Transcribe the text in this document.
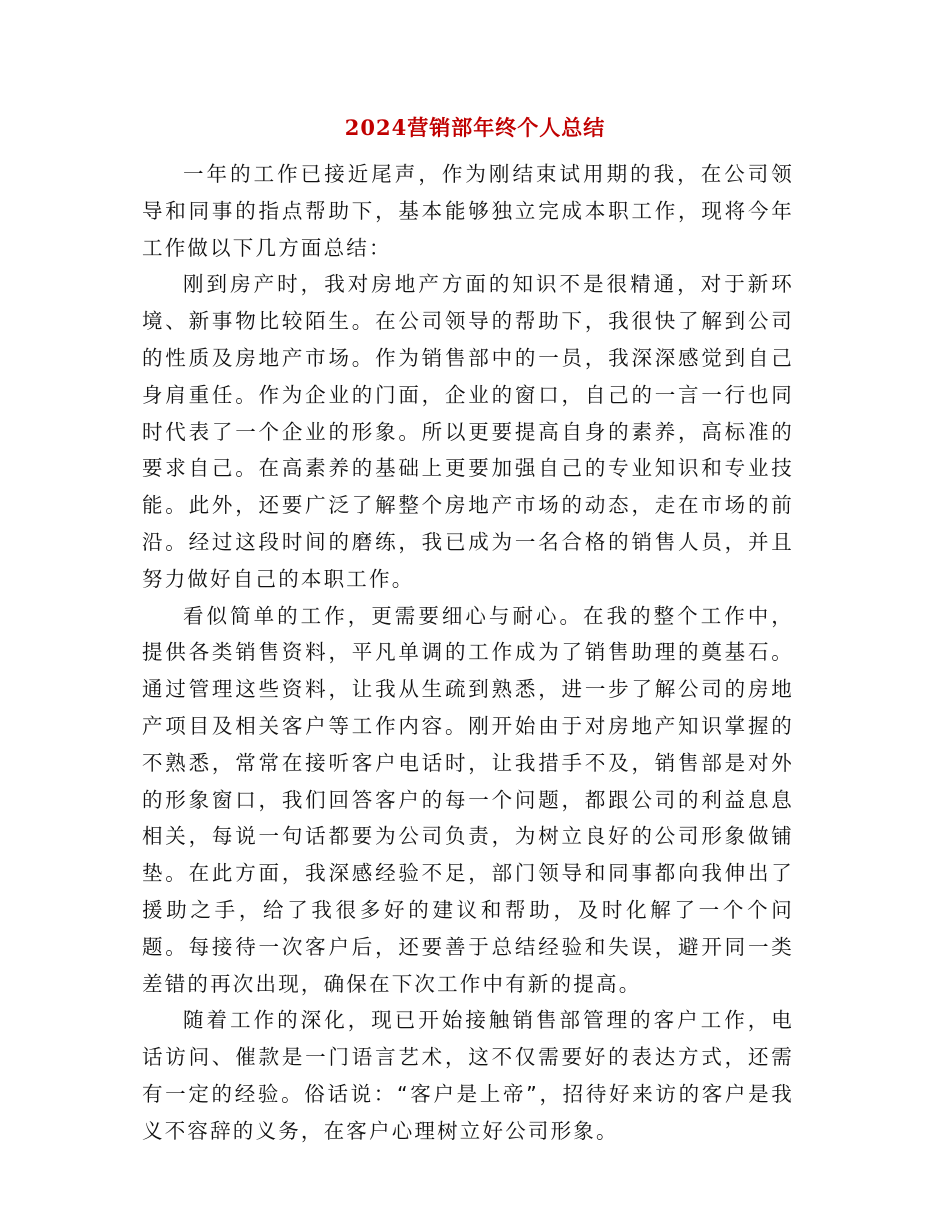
2024营销部年终个人总结

一年的工作已接近尾声，作为刚结束试用期的我，在公司领导和同事的指点帮助下，基本能够独立完成本职工作，现将今年工作做以下几方面总结：

刚到房产时，我对房地产方面的知识不是很精通，对于新环境、新事物比较陌生。在公司领导的帮助下，我很快了解到公司的性质及房地产市场。作为销售部中的一员，我深深感觉到自己身肩重任。作为企业的门面，企业的窗口，自己的一言一行也同时代表了一个企业的形象。所以更要提高自身的素养，高标准的要求自己。在高素养的基础上更要加强自己的专业知识和专业技能。此外，还要广泛了解整个房地产市场的动态，走在市场的前沿。经过这段时间的磨练，我已成为一名合格的销售人员，并且努力做好自己的本职工作。

看似简单的工作，更需要细心与耐心。在我的整个工作中，提供各类销售资料，平凡单调的工作成为了销售助理的奠基石。通过管理这些资料，让我从生疏到熟悉，进一步了解公司的房地产项目及相关客户等工作内容。刚开始由于对房地产知识掌握的不熟悉，常常在接听客户电话时，让我措手不及，销售部是对外的形象窗口，我们回答客户的每一个问题，都跟公司的利益息息相关，每说一句话都要为公司负责，为树立良好的公司形象做铺垫。在此方面，我深感经验不足，部门领导和同事都向我伸出了援助之手，给了我很多好的建议和帮助，及时化解了一个个问题。每接待一次客户后，还要善于总结经验和失误，避开同一类差错的再次出现，确保在下次工作中有新的提高。

随着工作的深化，现已开始接触销售部管理的客户工作，电话访问、催款是一门语言艺术，这不仅需要好的表达方式，还需有一定的经验。俗话说：“客户是上帝”，招待好来访的客户是我义不容辞的义务，在客户心理树立好公司形象。
